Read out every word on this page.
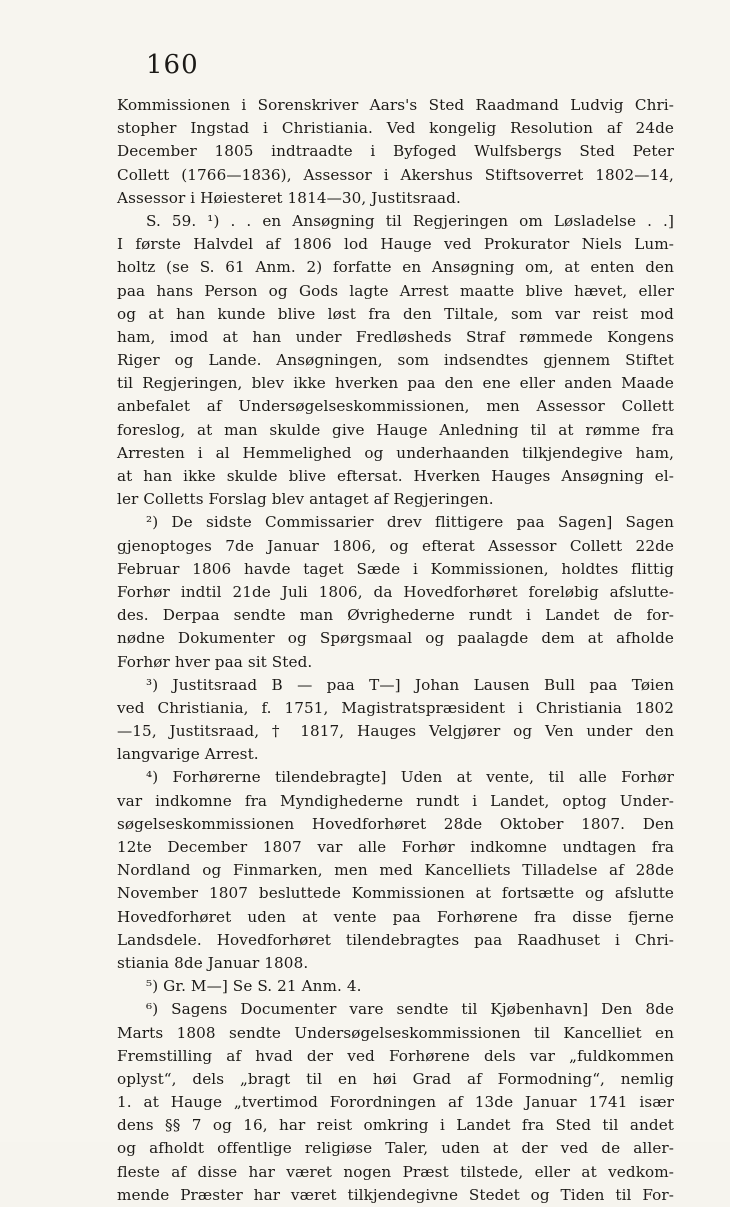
160
Kommissionen i Sorenskriver Aars's Sted Raadmand Ludvig Chri-
stopher Ingstad i Christiania. Ved kongelig Resolution af 24de
December 1805 indtraadte i Byfoged Wulfsbergs Sted Peter
Collett (1766—1836), Assessor i Akershus Stiftsoverret 1802—14,
Assessor i Høiesteret 1814—30, Justitsraad.
S. 59. ¹) . . en Ansøgning til Regjeringen om Løsladelse . .]
I første Halvdel af 1806 lod Hauge ved Prokurator Niels Lum-
holtz (se S. 61 Anm. 2) forfatte en Ansøgning om, at enten den
paa hans Person og Gods lagte Arrest maatte blive hævet, eller
og at han kunde blive løst fra den Tiltale, som var reist mod
ham, imod at han under Fredløsheds Straf rømmede Kongens
Riger og Lande. Ansøgningen, som indsendtes gjennem Stiftet
til Regjeringen, blev ikke hverken paa den ene eller anden Maade
anbefalet af Undersøgelseskommissionen, men Assessor Collett
foreslog, at man skulde give Hauge Anledning til at rømme fra
Arresten i al Hemmelighed og underhaanden tilkjendegive ham,
at han ikke skulde blive eftersat. Hverken Hauges Ansøgning el-
ler Colletts Forslag blev antaget af Regjeringen.
²) De sidste Commissarier drev flittigere paa Sagen] Sagen
gjenoptoges 7de Januar 1806, og efterat Assessor Collett 22de
Februar 1806 havde taget Sæde i Kommissionen, holdtes flittig
Forhør indtil 21de Juli 1806, da Hovedforhøret foreløbig afslutte-
des. Derpaa sendte man Øvrighederne rundt i Landet de for-
nødne Dokumenter og Spørgsmaal og paalagde dem at afholde
Forhør hver paa sit Sted.
³) Justitsraad B — paa T—] Johan Lausen Bull paa Tøien
ved Christiania, f. 1751, Magistratspræsident i Christiania 1802
—15, Justitsraad, † 1817, Hauges Velgjører og Ven under den
langvarige Arrest.
⁴) Forhørerne tilendebragte] Uden at vente, til alle Forhør
var indkomne fra Myndighederne rundt i Landet, optog Under-
søgelseskommissionen Hovedforhøret 28de Oktober 1807. Den
12te December 1807 var alle Forhør indkomne undtagen fra
Nordland og Finmarken, men med Kancelliets Tilladelse af 28de
November 1807 besluttede Kommissionen at fortsætte og afslutte
Hovedforhøret uden at vente paa Forhørene fra disse fjerne
Landsdele. Hovedforhøret tilendebragtes paa Raadhuset i Chri-
stiania 8de Januar 1808.
⁵) Gr. M—] Se S. 21 Anm. 4.
⁶) Sagens Documenter vare sendte til Kjøbenhavn] Den 8de
Marts 1808 sendte Undersøgelseskommissionen til Kancelliet en
Fremstilling af hvad der ved Forhørene dels var „fuldkommen
oplyst“, dels „bragt til en høi Grad af Formodning“, nemlig
1. at Hauge „tvertimod Forordningen af 13de Januar 1741 især
dens §§ 7 og 16, har reist omkring i Landet fra Sted til andet
og afholdt offentlige religiøse Taler, uden at der ved de aller-
fleste af disse har været nogen Præst tilstede, eller at vedkom-
mende Præster har været tilkjendegivne Stedet og Tiden til For-
